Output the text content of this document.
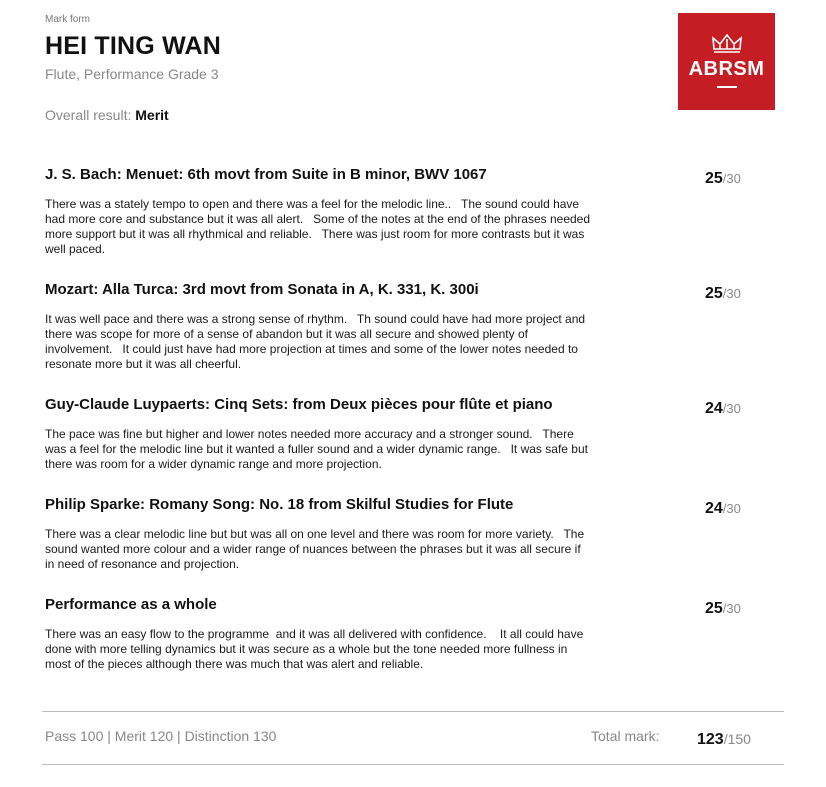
Mark form
HEI TING WAN
Flute, Performance Grade 3
Overall result: Merit
ABRSM
J. S. Bach: Menuet: 6th movt from Suite in B minor, BWV 1067	25/30
There was a stately tempo to open and there was a feel for the melodic line..   The sound could have had more core and substance but it was all alert.   Some of the notes at the end of the phrases needed more support but it was all rhythmical and reliable.   There was just room for more contrasts but it was well paced.
Mozart: Alla Turca: 3rd movt from Sonata in A, K. 331, K. 300i	25/30
It was well pace and there was a strong sense of rhythm.   Th sound could have had more project and there was scope for more of a sense of abandon but it was all secure and showed plenty of involvement.   It could just have had more projection at times and some of the lower notes needed to resonate more but it was all cheerful.
Guy-Claude Luypaerts: Cinq Sets: from Deux pièces pour flûte et piano	24/30
The pace was fine but higher and lower notes needed more accuracy and a stronger sound.   There was a feel for the melodic line but it wanted a fuller sound and a wider dynamic range.   It was safe but there was room for a wider dynamic range and more projection.
Philip Sparke: Romany Song: No. 18 from Skilful Studies for Flute	24/30
There was a clear melodic line but but was all on one level and there was room for more variety.   The sound wanted more colour and a wider range of nuances between the phrases but it was all secure if in need of resonance and projection.
Performance as a whole	25/30
There was an easy flow to the programme  and it was all delivered with confidence.    It all could have done with more telling dynamics but it was secure as a whole but the tone needed more fullness in most of the pieces although there was much that was alert and reliable.
Pass 100 | Merit 120 | Distinction 130	Total mark: 123/150
